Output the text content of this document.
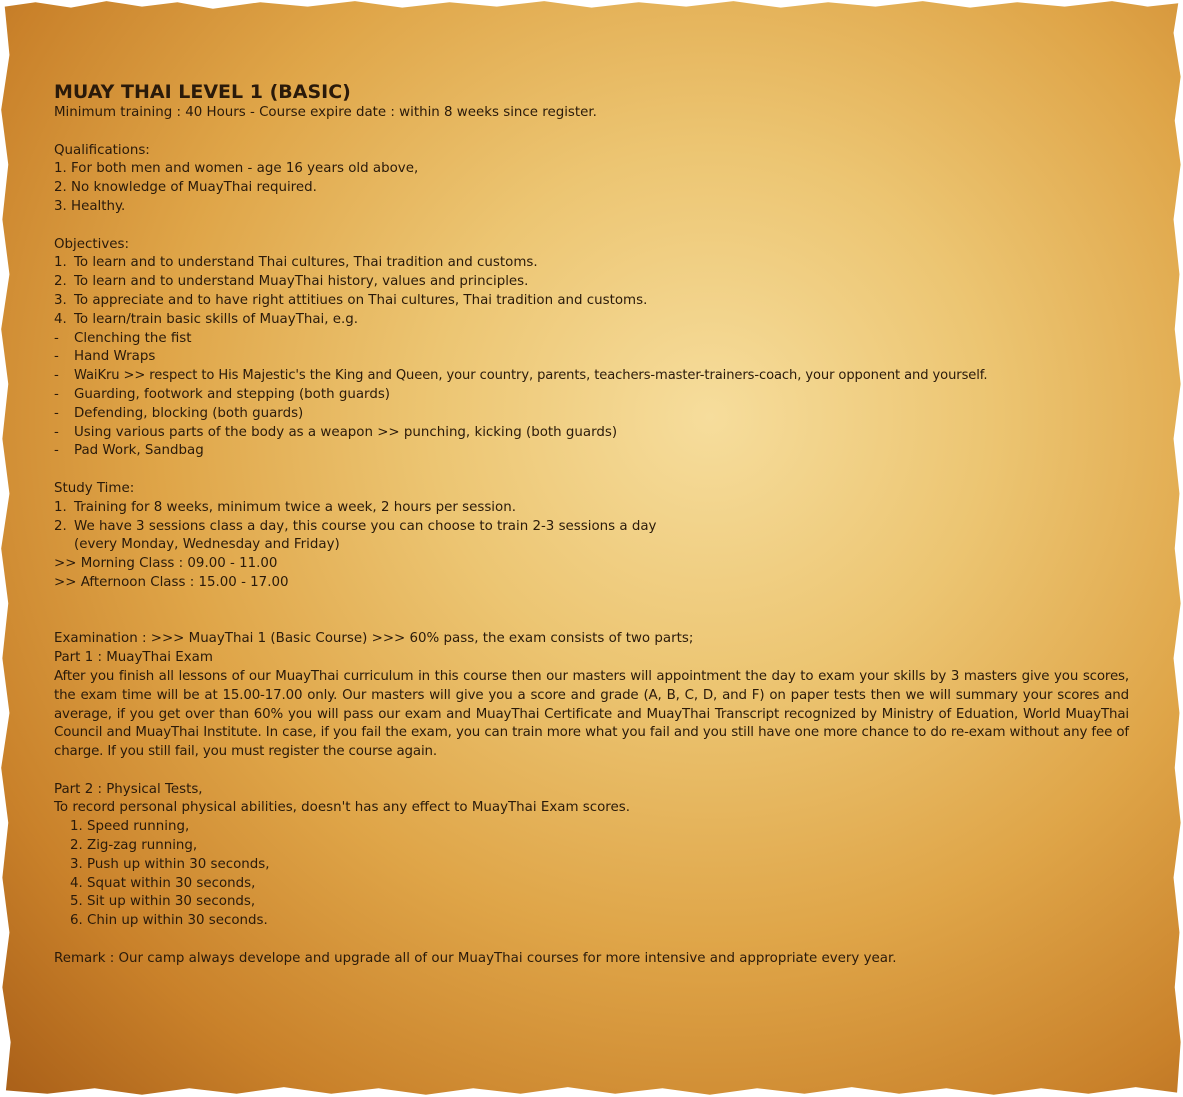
MUAY THAI LEVEL 1 (BASIC)

Minimum training : 40 Hours - Course expire date : within 8 weeks since register.

Qualifications:

1. For both men and women - age 16 years old above,

2. No knowledge of MuayThai required.

3. Healthy.

Objectives:

1. To learn and to understand Thai cultures, Thai tradition and customs.
2. To learn and to understand MuayThai history, values and principles.
3. To appreciate and to have right attitiues on Thai cultures, Thai tradition and customs.
4. To learn/train basic skills of MuayThai, e.g.
-	Clenching the fist
-	Hand Wraps
-	WaiKru >> respect to His Majestic's the King and Queen, your country, parents, teachers-master-trainers-coach, your opponent and yourself.
-	Guarding, footwork and stepping (both guards)
-	Defending, blocking (both guards)
-	Using various parts of the body as a weapon >> punching, kicking (both guards)
-	Pad Work, Sandbag

Study Time:

1. Training for 8 weeks, minimum twice a week, 2 hours per session.
2. We have 3 sessions class a day, this course you can choose to train 2-3 sessions a day

(every Monday, Wednesday and Friday)

>> Morning Class : 09.00 - 11.00

>> Afternoon Class : 15.00 - 17.00

Examination : >>> MuayThai 1 (Basic Course) >>> 60% pass, the exam consists of two parts;

Part 1 : MuayThai Exam

After you finish all lessons of our MuayThai curriculum in this course then our masters will appointment the day to exam your skills by 3 masters give you scores, the exam time will be at 15.00-17.00 only. Our masters will give you a score and grade (A, B, C, D, and F) on paper tests then we will summary your scores and average, if you get over than 60% you will pass our exam and MuayThai Certificate and MuayThai Transcript recognized by Ministry of Eduation, World MuayThai Council and MuayThai Institute. In case, if you fail the exam, you can train more what you fail and you still have one more chance to do re-exam without any fee of charge. If you still fail, you must register the course again.

Part 2 : Physical Tests,

To record personal physical abilities, doesn't has any effect to MuayThai Exam scores.

1. Speed running,

2. Zig-zag running,

3. Push up within 30 seconds,

4. Squat within 30 seconds,

5. Sit up within 30 seconds,

6. Chin up within 30 seconds.

Remark : Our camp always develope and upgrade all of our MuayThai courses for more intensive and appropriate every year.
